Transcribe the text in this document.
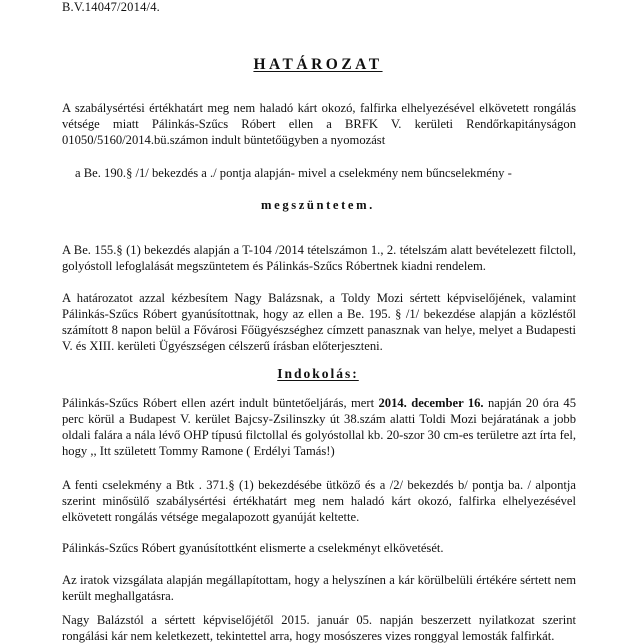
B.V.14047/2014/4.
HATÁROZAT
A szabálysértési értékhatárt meg nem haladó kárt okozó, falfirka elhelyezésével elkövetett rongálás vétsége miatt Pálinkás-Szűcs Róbert ellen a BRFK V. kerületi Rendőrkapitányságon 01050/5160/2014.bü.számon indult büntetőügyben a nyomozást
a Be. 190.§ /1/ bekezdés a ./ pontja alapján- mivel a cselekmény nem bűncselekmény -
megszüntetem.
A Be. 155.§ (1) bekezdés alapján a T-104 /2014 tételszámon 1., 2. tételszám alatt bevételezett filctoll, golyóstoll lefoglalását megszüntetem és Pálinkás-Szűcs Róbertnek kiadni rendelem.
A határozatot azzal kézbesítem Nagy Balázsnak, a Toldy Mozi sértett képviselőjének, valamint Pálinkás-Szűcs Róbert gyanúsítottnak, hogy az ellen a Be. 195. § /1/ bekezdése alapján a közléstől számított 8 napon belül a Fővárosi Főügyészséghez címzett panasznak van helye, melyet a Budapesti V. és XIII. kerületi Ügyészségen célszerű írásban előterjeszteni.
Indokolás:
Pálinkás-Szűcs Róbert ellen azért indult büntetőeljárás, mert 2014. december 16. napján 20 óra 45 perc körül a Budapest V. kerület Bajcsy-Zsilinszky út 38.szám alatti Toldi Mozi bejáratának a jobb oldali falára a nála lévő OHP típusú filctollal és golyóstollal kb. 20-szor 30 cm-es területre azt írta fel, hogy ,, Itt született Tommy Ramone ( Erdélyi Tamás!)
A fenti cselekmény a Btk . 371.§ (1) bekezdésébe ütköző és a /2/ bekezdés b/ pontja ba. / alpontja szerint minősülő szabálysértési értékhatárt meg nem haladó kárt okozó, falfirka elhelyezésével elkövetett rongálás vétsége megalapozott gyanúját keltette.
Pálinkás-Szűcs Róbert gyanúsítottként elismerte a cselekményt elkövetését.
Az iratok vizsgálata alapján megállapítottam, hogy a helyszínen a kár körülbelüli értékére sértett nem került meghallgatásra.
Nagy Balázstól a sértett képviselőjétől 2015. január 05. napján beszerzett nyilatkozat szerint rongálási kár nem keletkezett, tekintettel arra, hogy mosószeres vizes ronggyal lemosták falfirkát.
